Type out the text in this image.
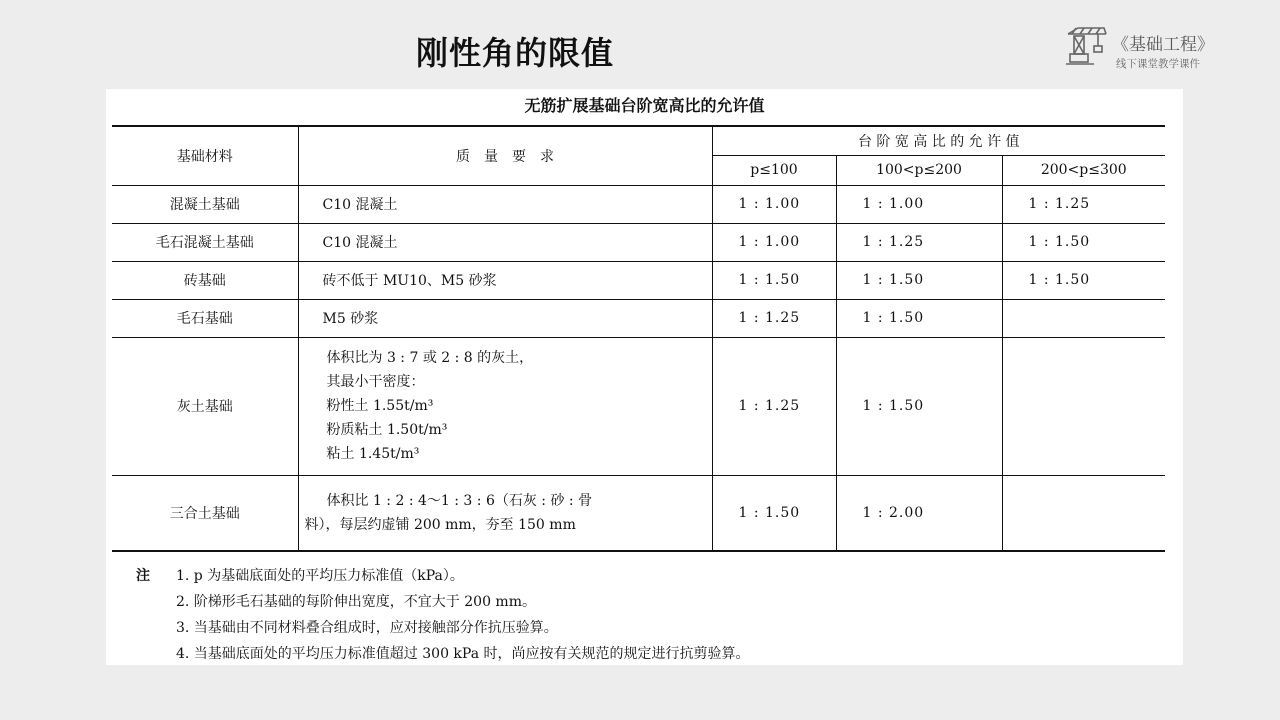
刚性角的限值	《基础工程》
线下课堂教学课件
无筋扩展基础台阶宽高比的允许值
基础材料	质　量　要　求	台 阶 宽 高 比 的 允 许 值		
		p≤100	100<p≤200	200<p≤300
混凝土基础	C10 混凝土	1 : 1.00	1 : 1.00	1 : 1.25
毛石混凝土基础	C10 混凝土	1 : 1.00	1 : 1.25	1 : 1.50
砖基础	砖不低于 MU10、M5 砂浆	1 : 1.50	1 : 1.50	1 : 1.50
毛石基础	M5 砂浆	1 : 1.25	1 : 1.50	
灰土基础	体积比为 3 : 7 或 2 : 8 的灰土，
其最小干密度：
粉性土 1.55t/m³
粉质粘土 1.50t/m³
粘土 1.45t/m³	1 : 1.25	1 : 1.50	
三合土基础	体积比 1 : 2 : 4～1 : 3 : 6（石灰 : 砂 : 骨
料），每层约虚铺 200 mm，夯至 150 mm	1 : 1.50	1 : 2.00	
注 1. p 为基础底面处的平均压力标准值（kPa）。
2. 阶梯形毛石基础的每阶伸出宽度，不宜大于 200 mm。
3. 当基础由不同材料叠合组成时，应对接触部分作抗压验算。
4. 当基础底面处的平均压力标准值超过 300 kPa 时，尚应按有关规范的规定进行抗剪验算。
